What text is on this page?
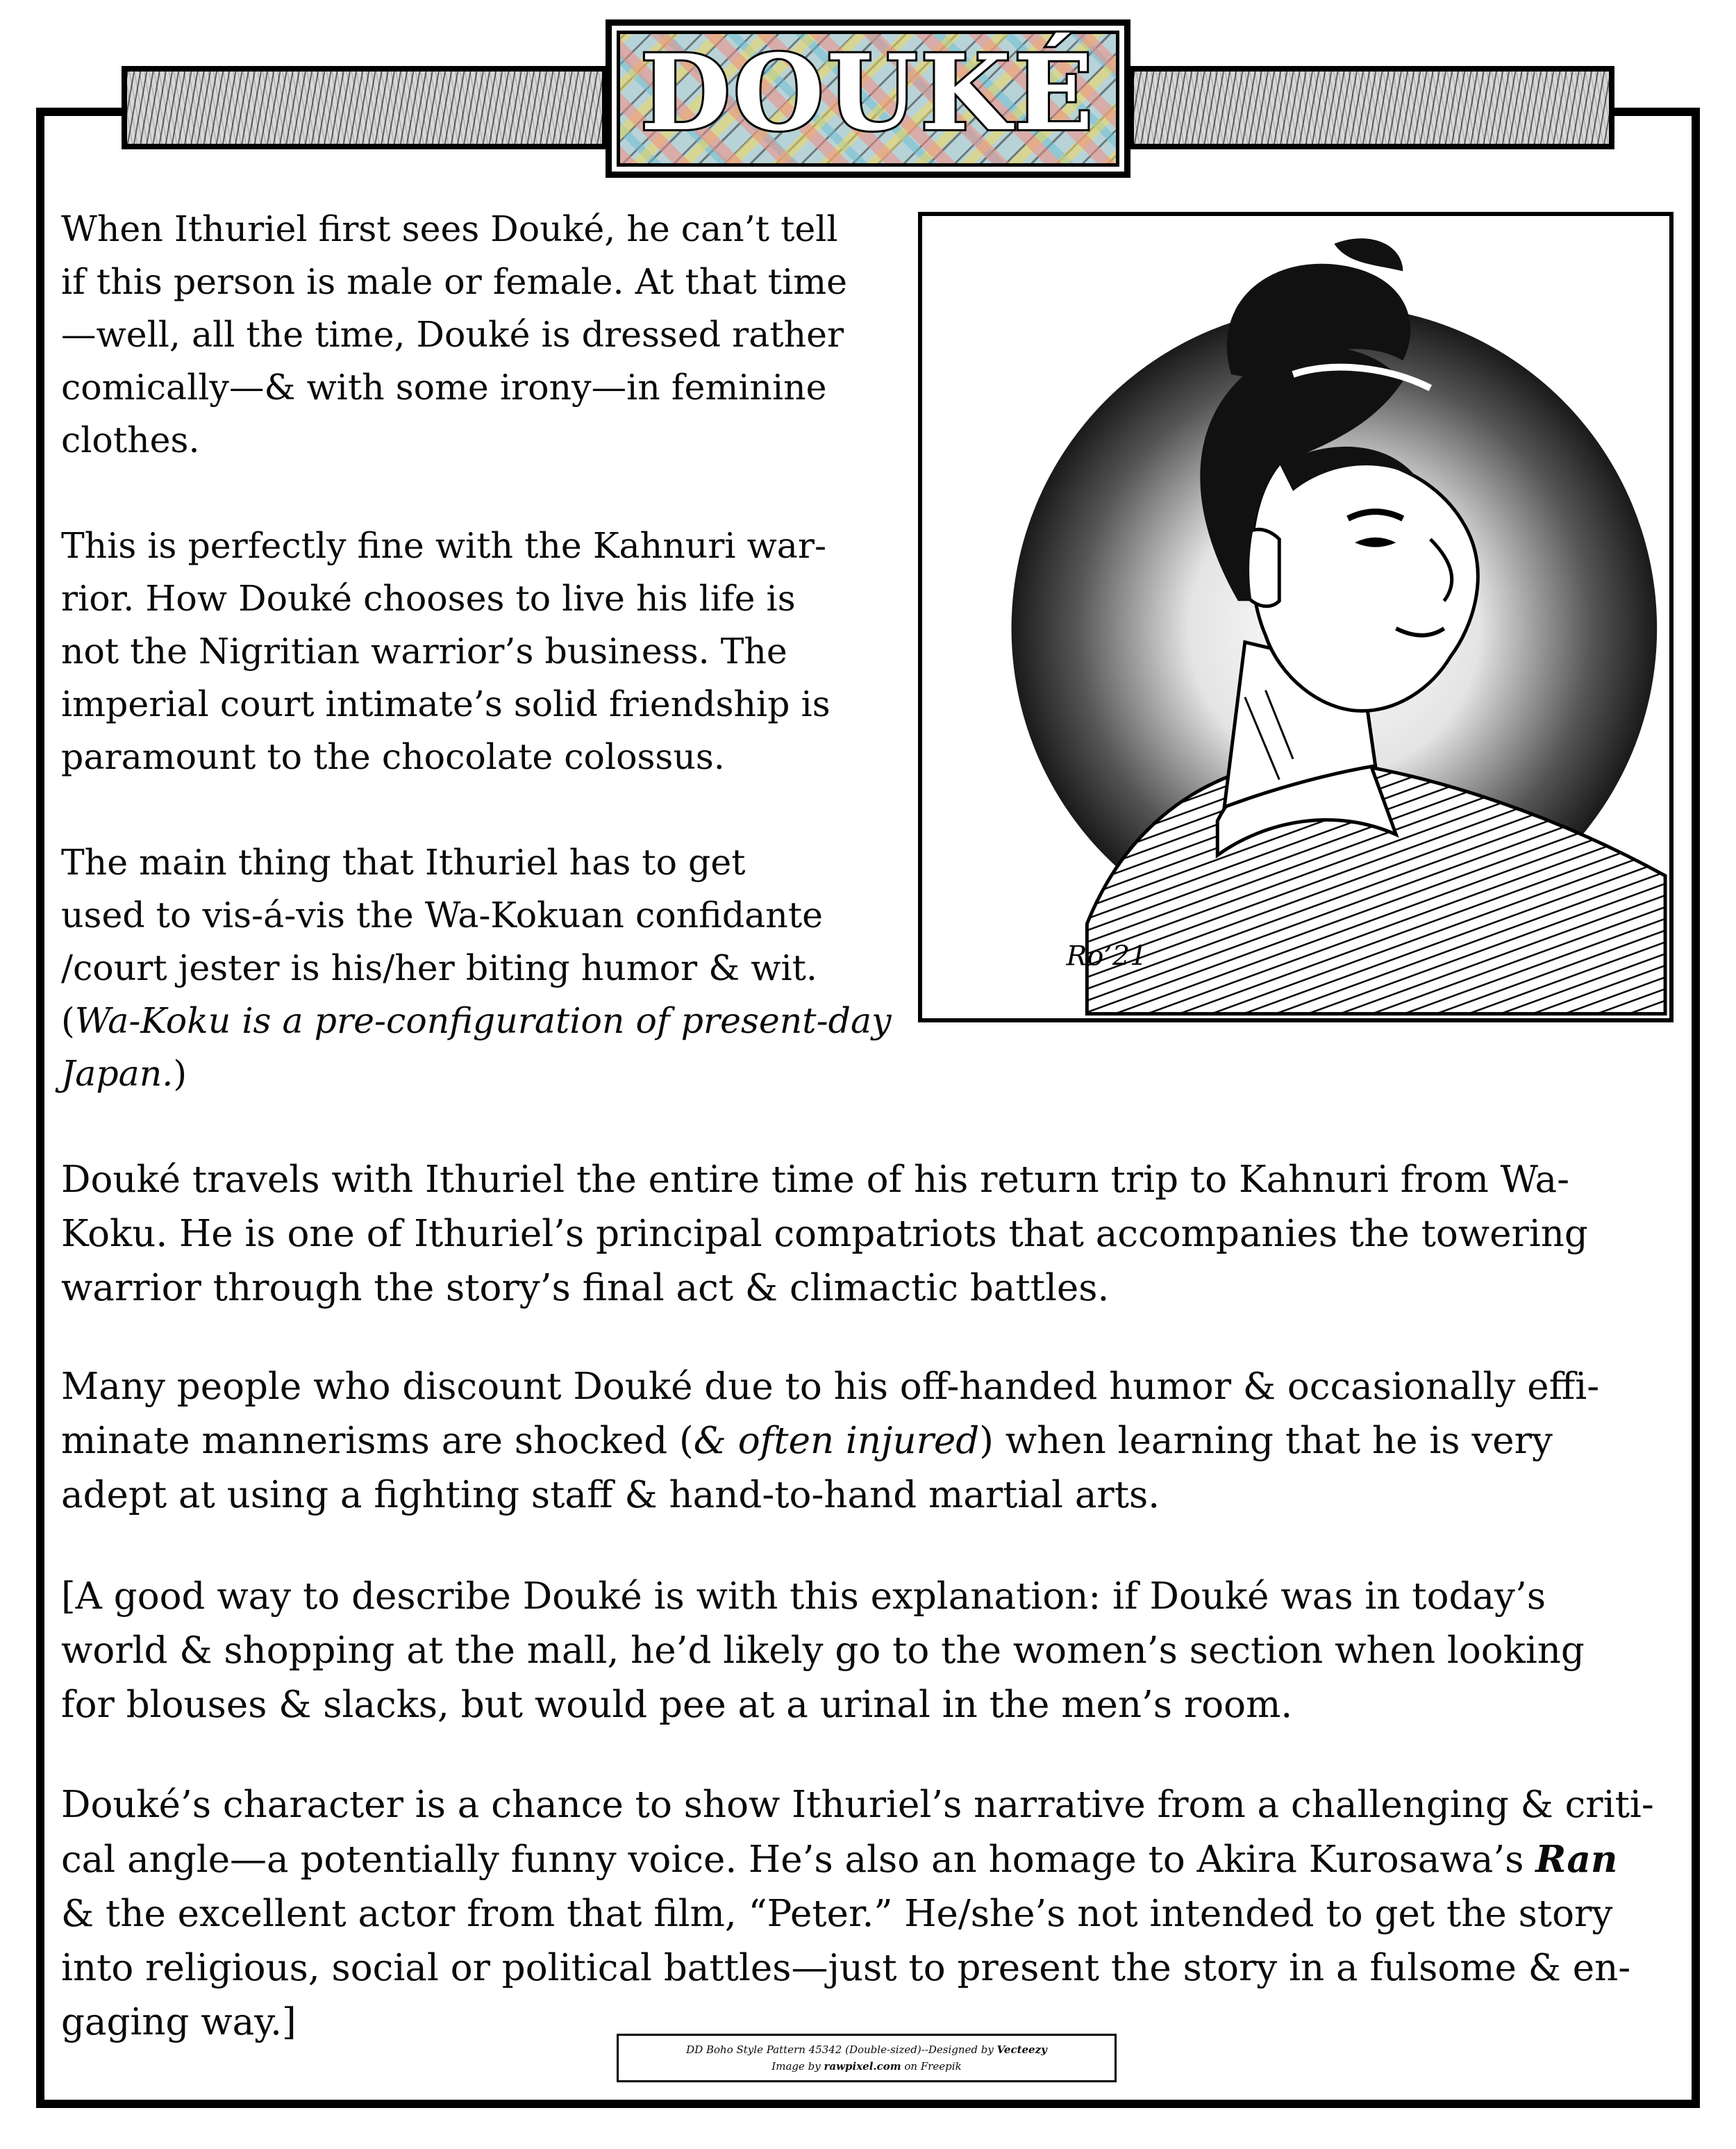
DOUKÉ

When Ithuriel first sees Douké, he can’t tell
if this person is male or female. At that time
—well, all the time, Douké is dressed rather
comically—& with some irony—in feminine
clothes.

This is perfectly fine with the Kahnuri war-
rior. How Douké chooses to live his life is
not the Nigritian warrior’s business. The
imperial court intimate’s solid friendship is
paramount to the chocolate colossus.

The main thing that Ithuriel has to get
used to vis-á-vis the Wa-Kokuan confidante
/court jester is his/her biting humor & wit.
(Wa-Koku is a pre-configuration of present-day
Japan.)
Ro’21

Douké travels with Ithuriel the entire time of his return trip to Kahnuri from Wa-
Koku. He is one of Ithuriel’s principal compatriots that accompanies the towering
warrior through the story’s final act & climactic battles.

Many people who discount Douké due to his off-handed humor & occasionally effi-
minate mannerisms are shocked (& often injured) when learning that he is very
adept at using a fighting staff & hand-to-hand martial arts.

[A good way to describe Douké is with this explanation: if Douké was in today’s
world & shopping at the mall, he’d likely go to the women’s section when looking
for blouses & slacks, but would pee at a urinal in the men’s room.

Douké’s character is a chance to show Ithuriel’s narrative from a challenging & criti-
cal angle—a potentially funny voice. He’s also an homage to Akira Kurosawa’s Ran
& the excellent actor from that film, “Peter.” He/she’s not intended to get the story
into religious, social or political battles—just to present the story in a fulsome & en-
gaging way.]
DD Boho Style Pattern 45342 (Double-sized)--Designed by Vecteezy
Image by rawpixel.com on Freepik
